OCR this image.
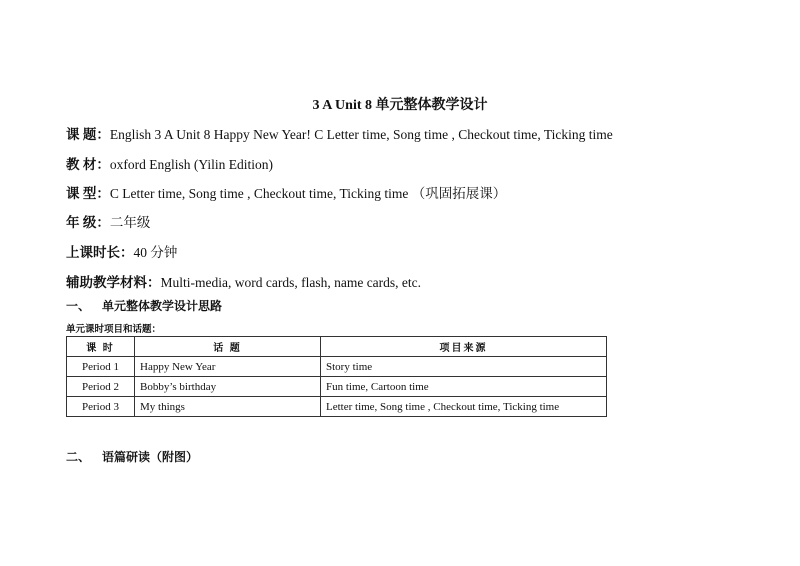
3 A Unit 8 单元整体教学设计
课 题：English 3 A Unit 8 Happy New Year! C Letter time, Song time , Checkout time, Ticking time
教 材：oxford English (Yilin Edition)
课 型：C Letter time, Song time , Checkout time, Ticking time （巩固拓展课）
年 级：二年级
上课时长：40 分钟
辅助教学材料：Multi-media, word cards, flash, name cards, etc.
一、 单元整体教学设计思路
单元课时项目和话题：
课 时	话 题	项目来源
Period 1	Happy New Year	Story time
Period 2	Bobby’s birthday	Fun time, Cartoon time
Period 3	My things	Letter time, Song time , Checkout time, Ticking time
二、 语篇研读（附图）
